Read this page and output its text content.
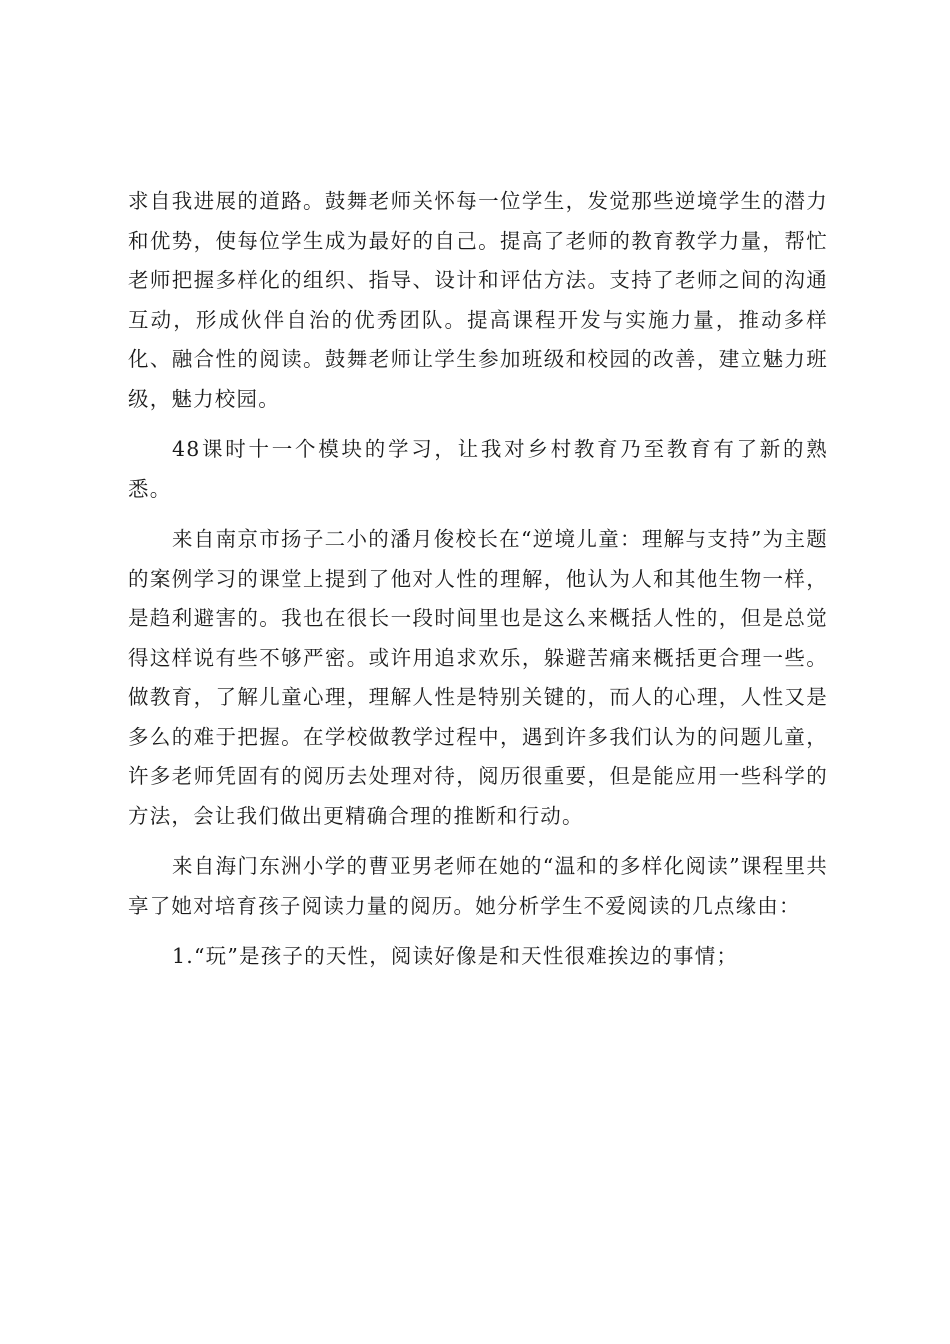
求自我进展的道路。鼓舞老师关怀每一位学生，发觉那些逆境学生的潜力和优势，使每位学生成为最好的自己。提高了老师的教育教学力量，帮忙老师把握多样化的组织、指导、设计和评估方法。支持了老师之间的沟通互动，形成伙伴自治的优秀团队。提高课程开发与实施力量，推动多样化、融合性的阅读。鼓舞老师让学生参加班级和校园的改善，建立魅力班级，魅力校园。

48课时十一个模块的学习，让我对乡村教育乃至教育有了新的熟悉。

来自南京市扬子二小的潘月俊校长在“逆境儿童：理解与支持”为主题的案例学习的课堂上提到了他对人性的理解，他认为人和其他生物一样，是趋利避害的。我也在很长一段时间里也是这么来概括人性的，但是总觉得这样说有些不够严密。或许用追求欢乐，躲避苦痛来概括更合理一些。做教育，了解儿童心理，理解人性是特别关键的，而人的心理，人性又是多么的难于把握。在学校做教学过程中，遇到许多我们认为的问题儿童，许多老师凭固有的阅历去处理对待，阅历很重要，但是能应用一些科学的方法，会让我们做出更精确合理的推断和行动。

来自海门东洲小学的曹亚男老师在她的“温和的多样化阅读”课程里共享了她对培育孩子阅读力量的阅历。她分析学生不爱阅读的几点缘由：

1.“玩”是孩子的天性，阅读好像是和天性很难挨边的事情；
